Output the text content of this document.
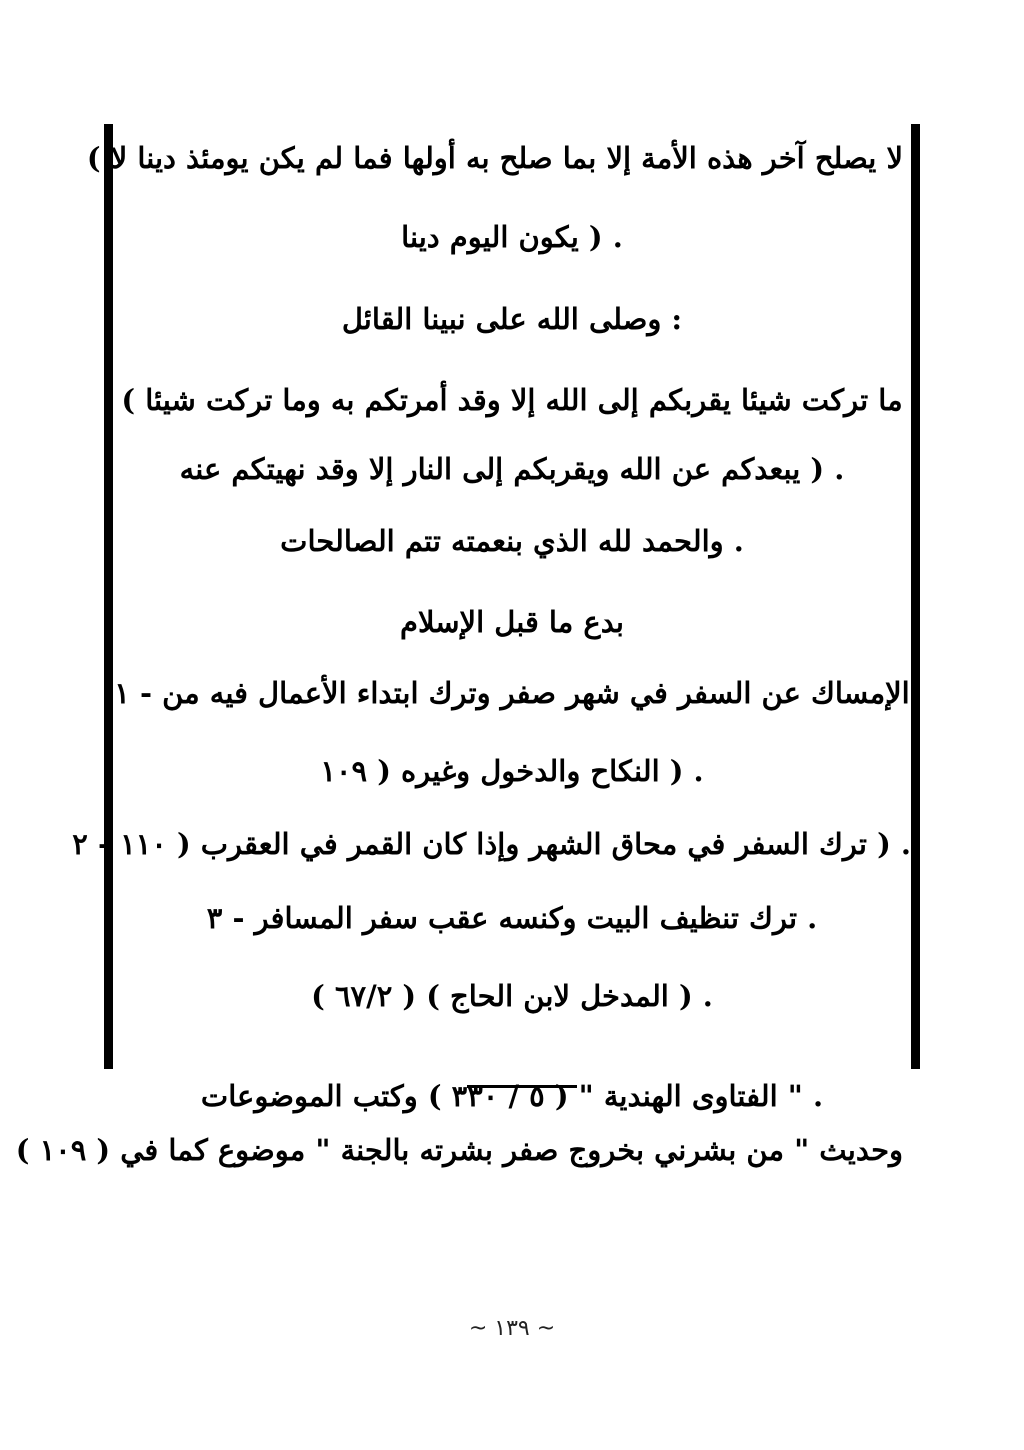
لا يصلح آخر هذه الأمة إلا بما صلح به أولها فما لم يكن يومئذ دينا لا )
. ( يكون اليوم دينا
: وصلى الله على نبينا القائل
ما تركت شيئا يقربكم إلى الله إلا وقد أمرتكم به وما تركت شيئا )
. ( يبعدكم عن الله ويقربكم إلى النار إلا وقد نهيتكم عنه
. والحمد لله الذي بنعمته تتم الصالحات
بدع ما قبل الإسلام
الإمساك عن السفر في شهر صفر وترك ابتداء الأعمال فيه من - ١
. ( النكاح والدخول وغيره ( ١٠٩
. ( ترك السفر في محاق الشهر وإذا كان القمر في العقرب ( ١١٠ - ٢
. ترك تنظيف البيت وكنسه عقب سفر المسافر - ٣
. ( المدخل لابن الحاج ) ( ٦٧/٢ )
وحديث " من بشرني بخروج صفر بشرته بالجنة " موضوع كما في ( ١٠٩ )
. " الفتاوى الهندية " ( ٥ / ٣٣٠ ) وكتب الموضوعات
~ ١٣٩ ~
